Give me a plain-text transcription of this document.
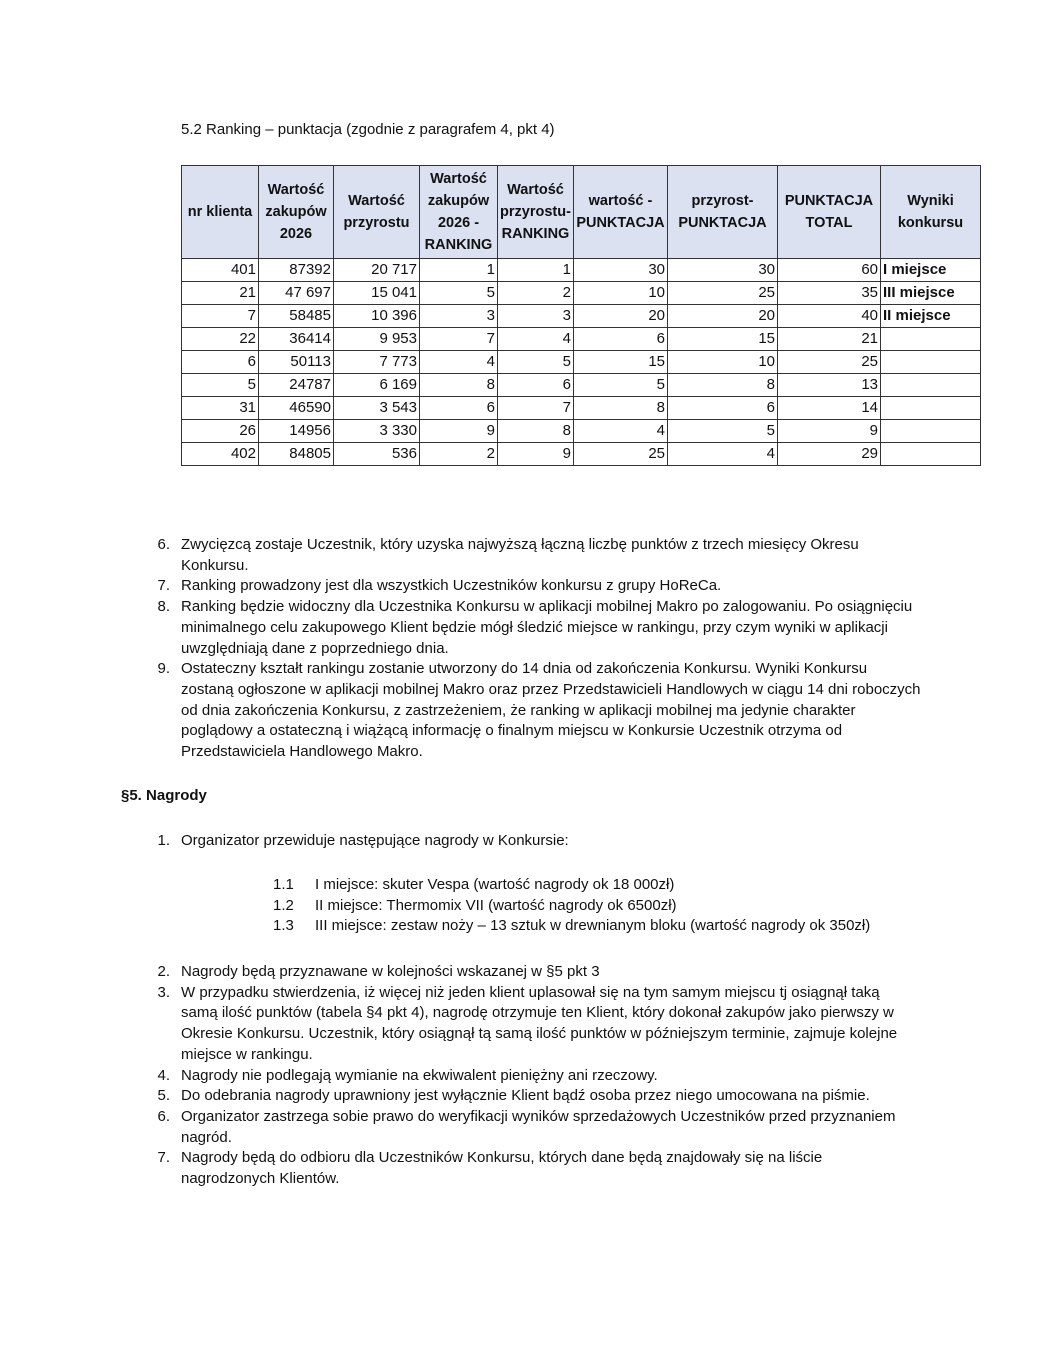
5.2 Ranking – punktacja (zgodnie z paragrafem 4, pkt 4)
nr klienta	Wartość zakupów 2026	Wartość przyrostu	Wartość zakupów 2026 - RANKING	Wartość przyrostu-RANKING	wartość - PUNKTACJA	przyrost-PUNKTACJA	PUNKTACJA TOTAL	Wyniki konkursu
401	87392	20 717	1	1	30	30	60	I miejsce
21	47 697	15 041	5	2	10	25	35	III miejsce
7	58485	10 396	3	3	20	20	40	II miejsce
22	36414	9 953	7	4	6	15	21	
6	50113	7 773	4	5	15	10	25	
5	24787	6 169	8	6	5	8	13	
31	46590	3 543	6	7	8	6	14	
26	14956	3 330	9	8	4	5	9	
402	84805	536	2	9	25	4	29	
6. Zwycięzcą zostaje Uczestnik, który uzyska najwyższą łączną liczbę punktów z trzech miesięcy Okresu Konkursu.
7. Ranking prowadzony jest dla wszystkich Uczestników konkursu z grupy HoReCa.
8. Ranking będzie widoczny dla Uczestnika Konkursu w aplikacji mobilnej Makro po zalogowaniu. Po osiągnięciu minimalnego celu zakupowego Klient będzie mógł śledzić miejsce w rankingu, przy czym wyniki w aplikacji uwzględniają dane z poprzedniego dnia.
9. Ostateczny kształt rankingu zostanie utworzony do 14 dnia od zakończenia Konkursu. Wyniki Konkursu zostaną ogłoszone w aplikacji mobilnej Makro oraz przez Przedstawicieli Handlowych w ciągu 14 dni roboczych od dnia zakończenia Konkursu, z zastrzeżeniem, że ranking w aplikacji mobilnej ma jedynie charakter poglądowy a ostateczną i wiążącą informację o finalnym miejscu w Konkursie Uczestnik otrzyma od Przedstawiciela Handlowego Makro.
§5. Nagrody
1. Organizator przewiduje następujące nagrody w Konkursie:
1.1 I miejsce: skuter Vespa (wartość nagrody ok 18 000zł)
1.2 II miejsce: Thermomix VII (wartość nagrody ok 6500zł)
1.3 III miejsce: zestaw noży – 13 sztuk w drewnianym bloku (wartość nagrody ok 350zł)
2. Nagrody będą przyznawane w kolejności wskazanej w §5 pkt 3
3. W przypadku stwierdzenia, iż więcej niż jeden klient uplasował się na tym samym miejscu tj osiągnął taką samą ilość punktów (tabela §4 pkt 4), nagrodę otrzymuje ten Klient, który dokonał zakupów jako pierwszy w Okresie Konkursu. Uczestnik, który osiągnął tą samą ilość punktów w późniejszym terminie, zajmuje kolejne miejsce w rankingu.
4. Nagrody nie podlegają wymianie na ekwiwalent pieniężny ani rzeczowy.
5. Do odebrania nagrody uprawniony jest wyłącznie Klient bądź osoba przez niego umocowana na piśmie.
6. Organizator zastrzega sobie prawo do weryfikacji wyników sprzedażowych Uczestników przed przyznaniem nagród.
7. Nagrody będą do odbioru dla Uczestników Konkursu, których dane będą znajdowały się na liście nagrodzonych Klientów.
